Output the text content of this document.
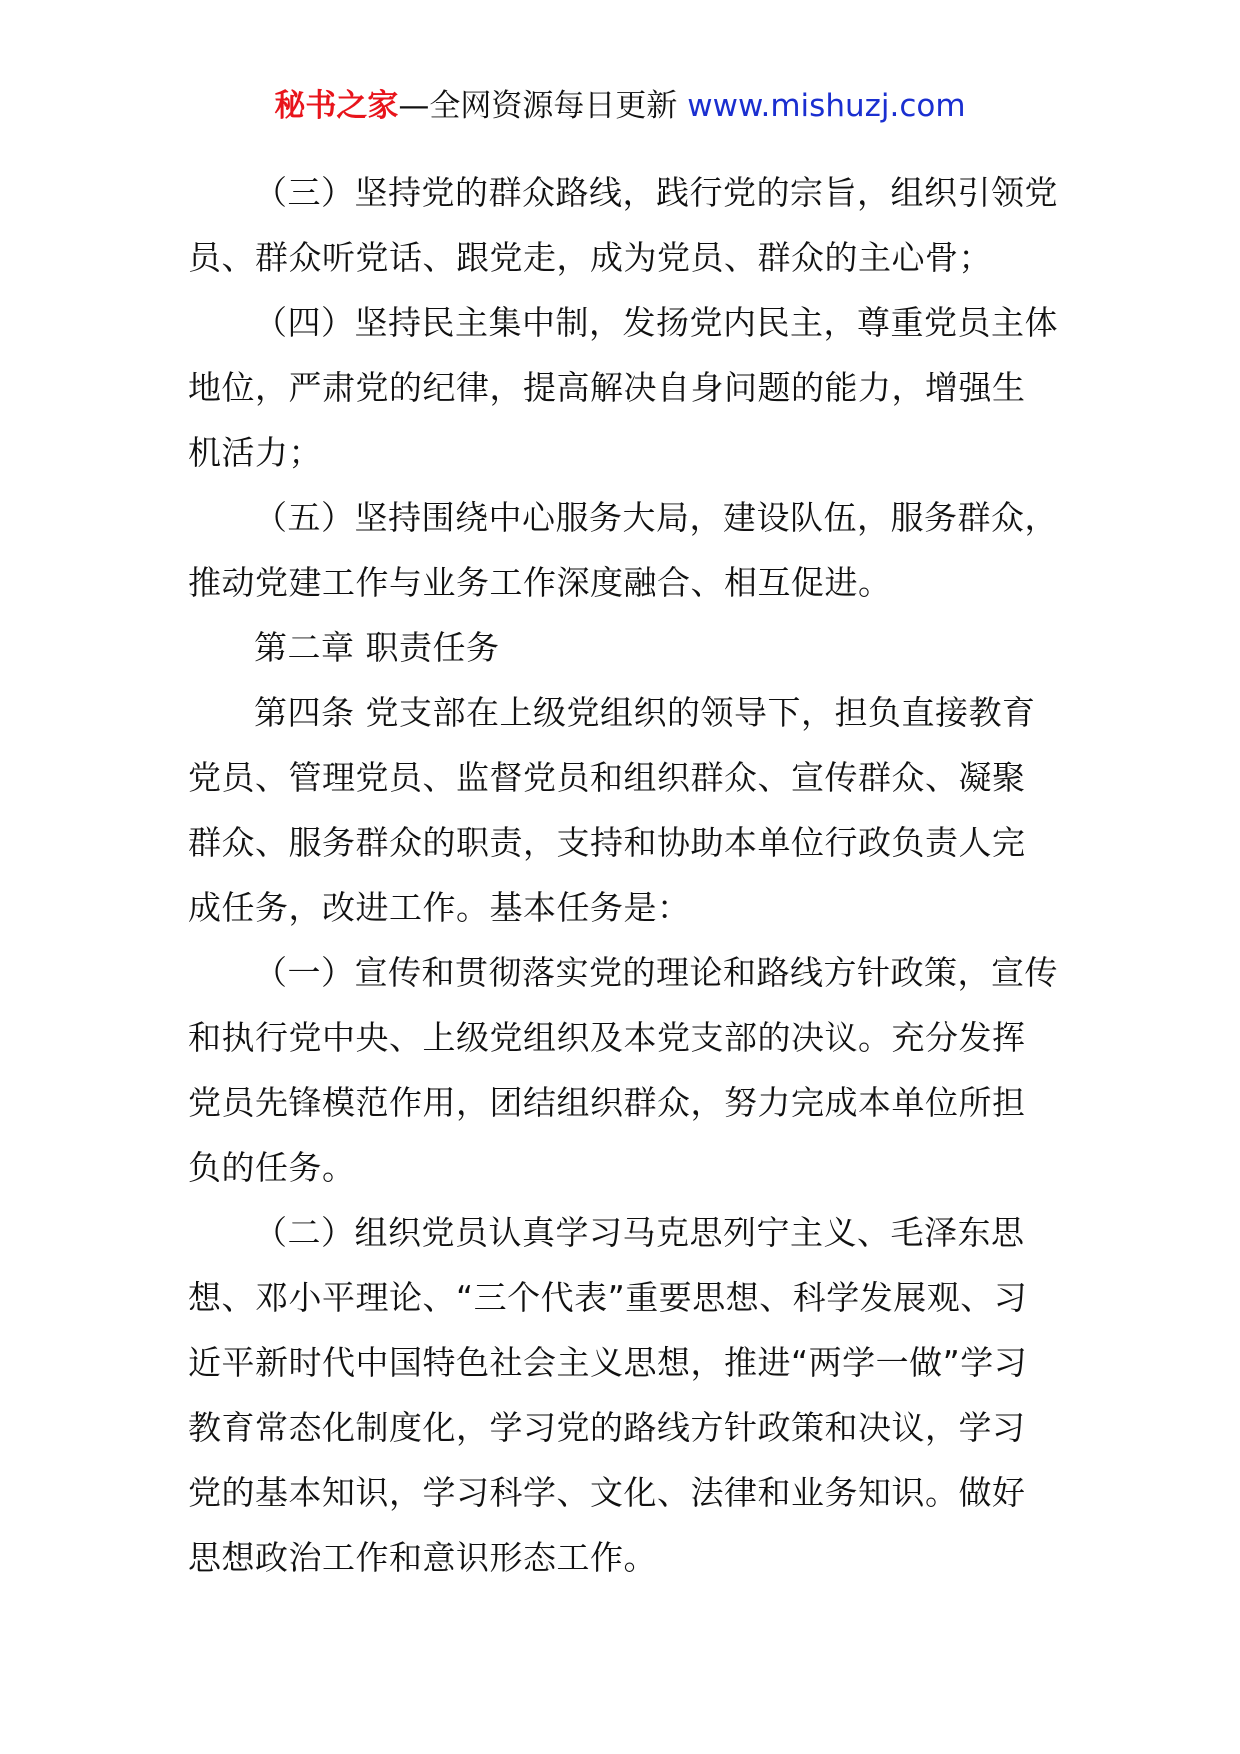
秘书之家—全网资源每日更新 www.mishuzj.com

（三）坚持党的群众路线，践行党的宗旨，组织引领党员、群众听党话、跟党走，成为党员、群众的主心骨；

（四）坚持民主集中制，发扬党内民主，尊重党员主体地位，严肃党的纪律，提高解决自身问题的能力，增强生机活力；

（五）坚持围绕中心服务大局，建设队伍，服务群众，推动党建工作与业务工作深度融合、相互促进。

第二章 职责任务

第四条 党支部在上级党组织的领导下，担负直接教育党员、管理党员、监督党员和组织群众、宣传群众、凝聚群众、服务群众的职责，支持和协助本单位行政负责人完成任务，改进工作。基本任务是：

（一）宣传和贯彻落实党的理论和路线方针政策，宣传和执行党中央、上级党组织及本党支部的决议。充分发挥党员先锋模范作用，团结组织群众，努力完成本单位所担负的任务。

（二）组织党员认真学习马克思列宁主义、毛泽东思想、邓小平理论、“三个代表”重要思想、科学发展观、习近平新时代中国特色社会主义思想，推进“两学一做”学习教育常态化制度化，学习党的路线方针政策和决议，学习党的基本知识，学习科学、文化、法律和业务知识。做好思想政治工作和意识形态工作。
